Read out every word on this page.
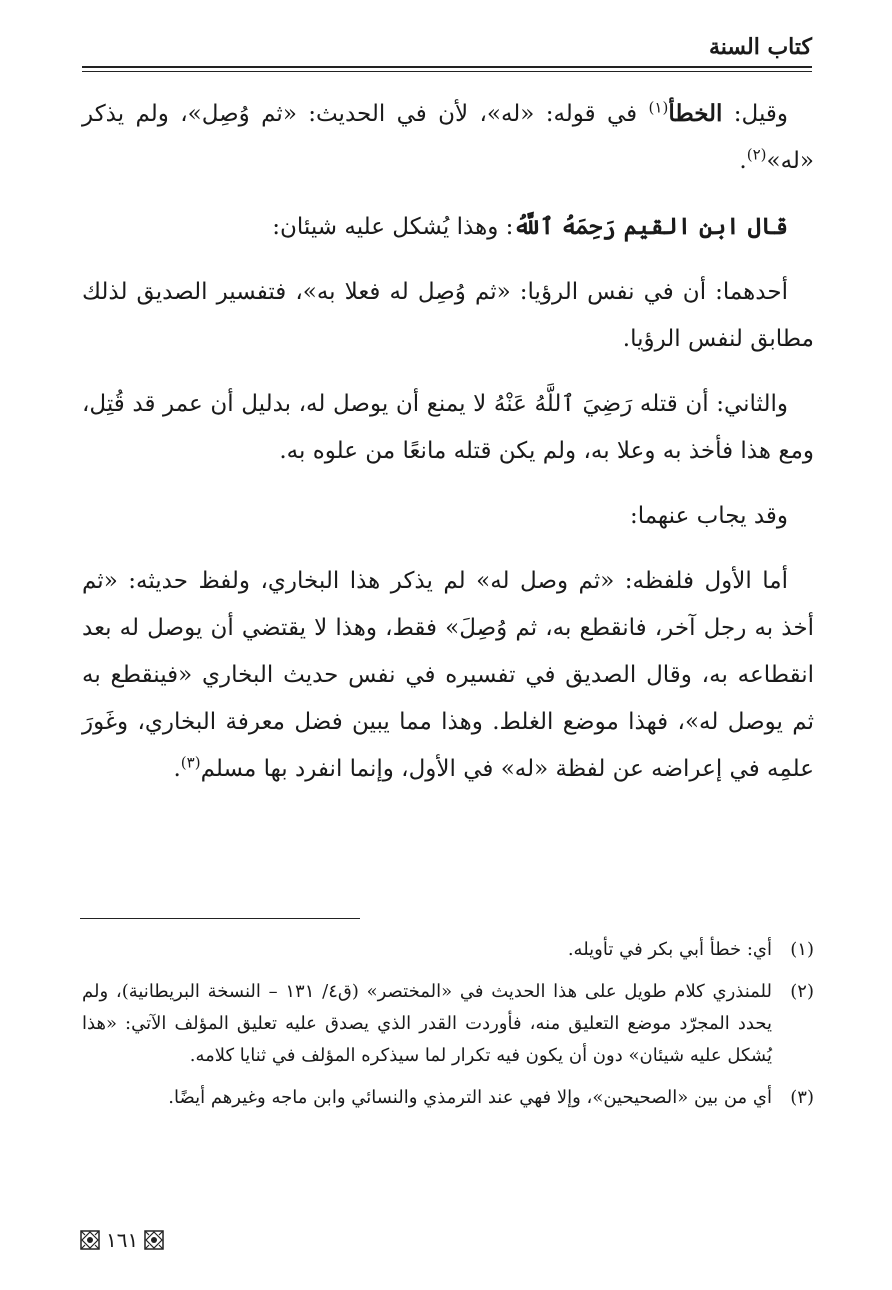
كتاب السنة

وقيل: الخطأ$^{(١)}$ في قوله: «له»، لأن في الحديث: «ثم وُصِل»، ولم يذكر «له»$^{(٢)}$.

قال ابن القيم رَحِمَهُ ٱللَّهُ: وهذا يُشكل عليه شيئان:

أحدهما: أن في نفس الرؤيا: «ثم وُصِل له فعلا به»، فتفسير الصديق لذلك مطابق لنفس الرؤيا.

والثاني: أن قتله رَضِيَ ٱللَّهُ عَنْهُ لا يمنع أن يوصل له، بدليل أن عمر قد قُتِل، ومع هذا فأخذ به وعلا به، ولم يكن قتله مانعًا من علوه به.

وقد يجاب عنهما:

أما الأول فلفظه: «ثم وصل له» لم يذكر هذا البخاري، ولفظ حديثه: «ثم أخذ به رجل آخر، فانقطع به، ثم وُصِلَ» فقط، وهذا لا يقتضي أن يوصل له بعد انقطاعه به، وقال الصديق في تفسيره في نفس حديث البخاري «فينقطع به ثم يوصل له»، فهذا موضع الغلط. وهذا مما يبين فضل معرفة البخاري، وغَورَ علمِه في إعراضه عن لفظة «له» في الأول، وإنما انفرد بها مسلم$^{(٣)}$.

(١)
أي: خطأ أبي بكر في تأويله.
(٢)
للمنذري كلام طويل على هذا الحديث في «المختصر» (ق٤/ ١٣١ – النسخة البريطانية)، ولم يحدد المجرّد موضع التعليق منه، فأوردت القدر الذي يصدق عليه تعليق المؤلف الآتي: «هذا يُشكل عليه شيئان» دون أن يكون فيه تكرار لما سيذكره المؤلف في ثنايا كلامه.
(٣)
أي من بين «الصحيحين»، وإلا فهي عند الترمذي والنسائي وابن ماجه وغيرهم أيضًا.
١٦١
